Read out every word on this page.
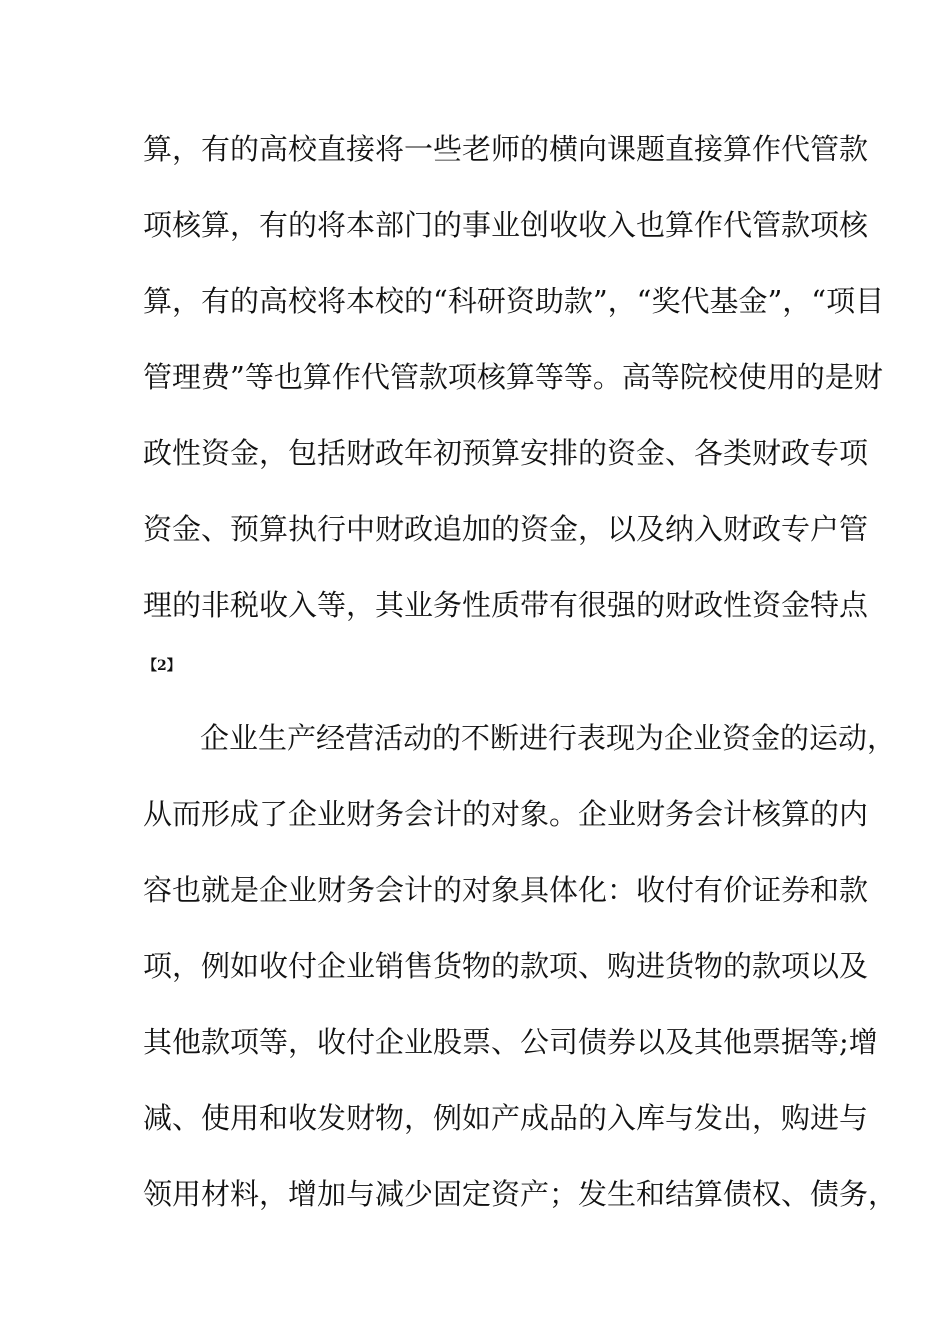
算，有的高校直接将一些老师的横向课题直接算作代管款
项核算，有的将本部门的事业创收收入也算作代管款项核
算，有的高校将本校的“科研资助款”，“奖代基金”，“项目
管理费”等也算作代管款项核算等等。高等院校使用的是财
政性资金，包括财政年初预算安排的资金、各类财政专项
资金、预算执行中财政追加的资金，以及纳入财政专户管
理的非税收入等，其业务性质带有很强的财政性资金特点
【2】
企业生产经营活动的不断进行表现为企业资金的运动，
从而形成了企业财务会计的对象。企业财务会计核算的内
容也就是企业财务会计的对象具体化：收付有价证券和款
项，例如收付企业销售货物的款项、购进货物的款项以及
其他款项等，收付企业股票、公司债券以及其他票据等;增
减、使用和收发财物，例如产成品的入库与发出，购进与
领用材料，增加与减少固定资产；发生和结算债权、债务，
